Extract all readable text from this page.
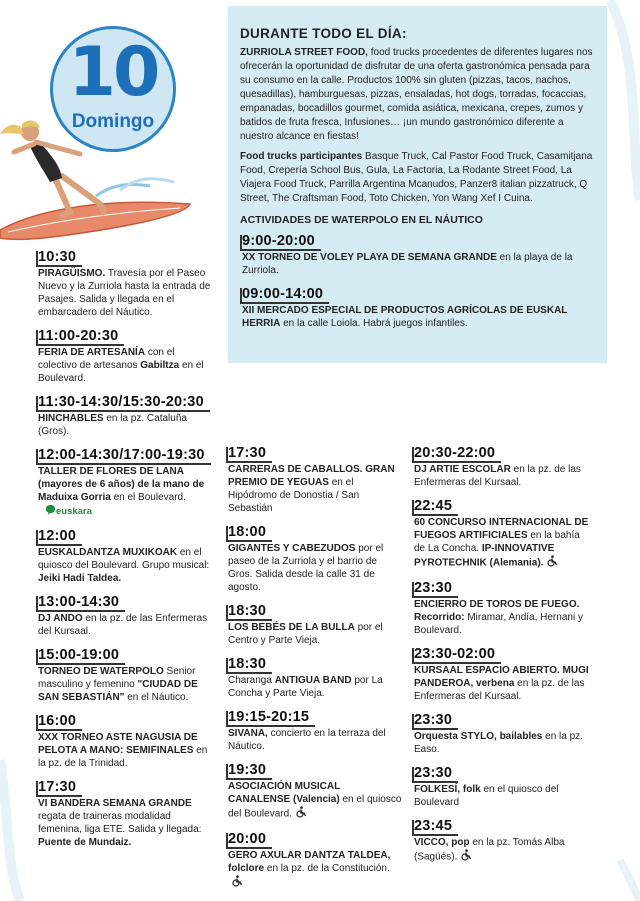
10
Domingo
DURANTE TODO EL DÍA:

ZURRIOLA STREET FOOD, food trucks procedentes de diferentes lugares nos ofrecerán la oportunidad de disfrutar de una oferta gastronómica pensada para su consumo en la calle. Productos 100% sin gluten (pizzas, tacos, nachos, quesadillas), hamburguesas, pizzas, ensaladas, hot dogs, torradas, focaccias, empanadas, bocadillos gourmet, comida asiática, mexicana, crepes, zumos y batidos de fruta fresca, Infusiones… ¡un mundo gastronómico diferente a nuestro alcance en fiestas!

Food trucks participantes Basque Truck, Cal Pastor Food Truck, Casamitjana Food, Crepería School Bus, Gula, La Factoria, La Rodante Street Food, La Viajera Food Truck, Parrilla Argentina Mcanudos, Panzer8 italian pizzatruck, Q Street, The Craftsman Food, Toto Chicken, Yon Wang Xef I Cuina.

ACTIVIDADES DE WATERPOLO EN EL NÁUTICO
9:00-20:00
XX TORNEO DE VOLEY PLAYA DE SEMANA GRANDE en la playa de la Zurriola.
09:00-14:00
XII MERCADO ESPECIAL DE PRODUCTOS AGRÍCOLAS DE EUSKAL HERRIA en la calle Loiola. Habrá juegos infantiles.
10:30
PIRAGÜISMO. Travesía por el Paseo Nuevo y la Zurriola hasta la entrada de Pasajes. Salida y llegada en el embarcadero del Náutico.
11:00-20:30
FERIA DE ARTESANÍA con el colectivo de artesanos Gabiltza en el Boulevard.
11:30-14:30/15:30-20:30
HINCHABLES en la pz. Cataluña (Gros).
12:00-14:30/17:00-19:30
TALLER DE FLORES DE LANA (mayores de 6 años) de la mano de Maduixa Gorria en el Boulevard.euskara
12:00
EUSKALDANTZA MUXIKOAK en el quiosco del Boulevard. Grupo musical: Jeiki Hadi Taldea.
13:00-14:30
DJ ANDO en la pz. de las Enfermeras del Kursaal.
15:00-19:00
TORNEO DE WATERPOLO Senior masculino y femenino "CIUDAD DE SAN SEBASTIÁN" en el Náutico.
16:00
XXX TORNEO ASTE NAGUSIA DE PELOTA A MANO: SEMIFINALES en la pz. de la Trinidad.
17:30
VI BANDERA SEMANA GRANDE regata de traineras modalidad femenina, liga ETE. Salida y llegada: Puente de Mundaiz.
17:30
CARRERAS DE CABALLOS. GRAN PREMIO DE YEGUAS en el Hipódromo de Donostia / San Sebastián
18:00
GIGANTES Y CABEZUDOS por el paseo de la Zurriola y el barrio de Gros. Salida desde la calle 31 de agosto.
18:30
LOS BEBÉS DE LA BULLA por el Centro y Parte Vieja.
18:30
Charanga ANTIGUA BAND por La Concha y Parte Vieja.
19:15-20:15
SIVANA, concierto en la terraza del Náutico.
19:30
ASOCIACIÓN MUSICAL CANALENSE (Valencia) en el quiosco del Boulevard.
20:00
GERO AXULAR DANTZA TALDEA, folclore en la pz. de la Constitución.
20:30-22:00
DJ ARTIE ESCOLAR en la pz. de las Enfermeras del Kursaal.
22:45
60 CONCURSO INTERNACIONAL DE FUEGOS ARTIFICIALES en la bahía de La Concha. IP-INNOVATIVE PYROTECHNIK (Alemania).
23:30
ENCIERRO DE TOROS DE FUEGO. Recorrido: Miramar, Andía, Hernani y Boulevard.
23:30-02:00
KURSAAL ESPACIO ABIERTO. MUGI PANDEROA, verbena en la pz. de las Enfermeras del Kursaal.
23:30
Orquesta STYLO, bailables en la pz. Easo.
23:30
FOLKESÍ, folk en el quiosco del Boulevard
23:45
VICCO, pop en la pz. Tomás Alba (Sagüés).
